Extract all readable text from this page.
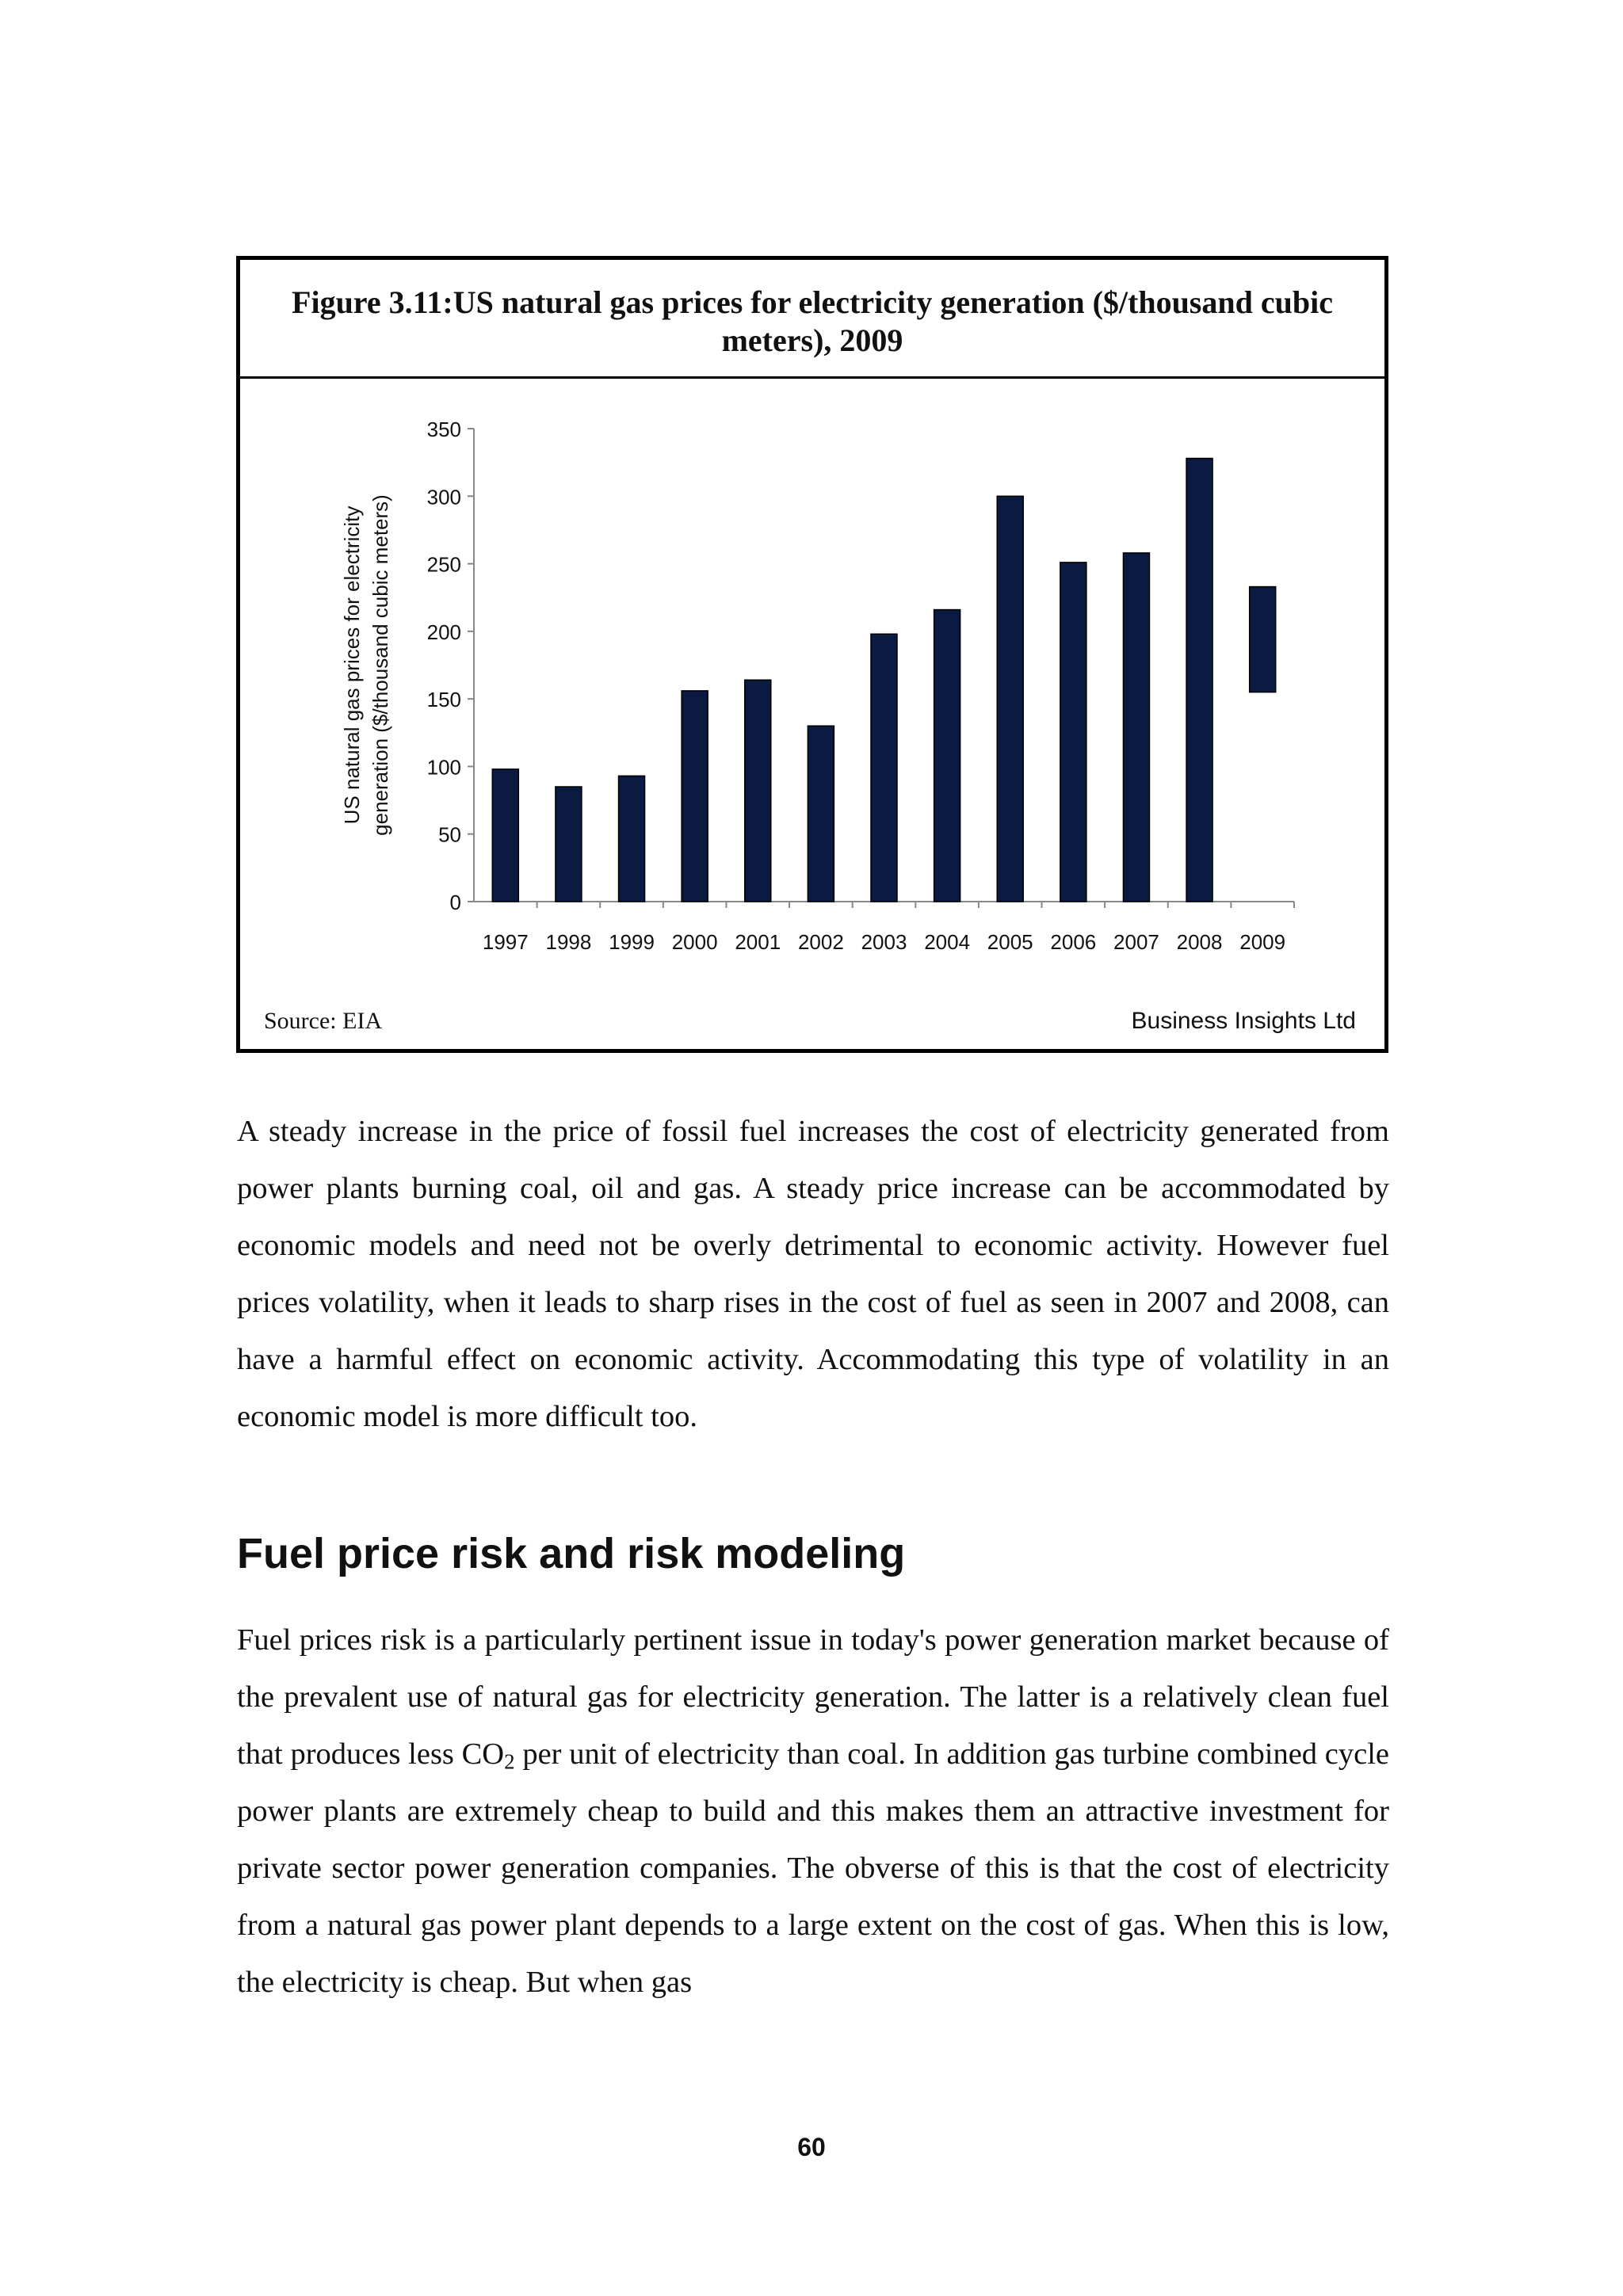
Figure 3.11:US natural gas prices for electricity generation ($/thousand cubic
meters), 2009
0
50
100
150
200
250
300
350
1997 1998 1999 2000 2001 2002 2003 2004 2005 2006 2007 2008 2009
US natural gas prices for electricity generation ($/thousand cubic meters)
Source: EIA	Business Insights Ltd

A steady increase in the price of fossil fuel increases the cost of electricity generated from power plants burning coal, oil and gas. A steady price increase can be accommodated by economic models and need not be overly detrimental to economic activity. However fuel prices volatility, when it leads to sharp rises in the cost of fuel as seen in 2007 and 2008, can have a harmful effect on economic activity. Accommodating this type of volatility in an economic model is more difficult too.

Fuel price risk and risk modeling

Fuel prices risk is a particularly pertinent issue in today's power generation market because of the prevalent use of natural gas for electricity generation. The latter is a relatively clean fuel that produces less $CO_2$ per unit of electricity than coal. In addition gas turbine combined cycle power plants are extremely cheap to build and this makes them an attractive investment for private sector power generation companies. The obverse of this is that the cost of electricity from a natural gas power plant depends to a large extent on the cost of gas. When this is low, the electricity is cheap. But when gas

60
